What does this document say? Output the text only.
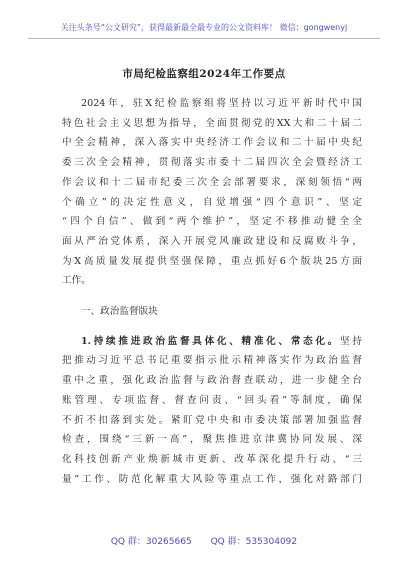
关注头条号“公文研究”，获得最新最全最专业的公文资料库！ 微信：gongwenyj
市局纪检监察组2024年工作要点
2024年，驻X纪检监察组将坚持以习近平新时代中国
特色社会主义思想为指导，全面贯彻党的XX大和二十届二
中全会精神，深入落实中央经济工作会议和二十届中央纪
委三次全会精神，贯彻落实市委十二届四次全会暨经济工
作会议和十二届市纪委三次全会部署要求，深刻领悟“两
个确立”的决定性意义，自觉增强“四个意识”、坚定
“四个自信”、做到“两个维护”，坚定不移推动健全全
面从严治党体系，深入开展党风廉政建设和反腐败斗争，
为X高质量发展提供坚强保障，重点抓好6个版块25方面
工作。
一、政治监督版块
1.持续推进政治监督具体化、精准化、常态化。坚持
把推动习近平总书记重要指示批示精神落实作为政治监督
重中之重，强化政治监督与政治督查联动，进一步健全台
账管理、专项监督、督查问责、“回头看”等制度，确保
不折不扣落到实处。紧盯党中央和市委决策部署加强监督
检查，围绕“三新一高”，聚焦推进京津冀协同发展、深
化科技创新产业焕新城市更新、改革深化提升行动、“三
量”工作、防范化解重大风险等重点工作，强化对路部门
QQ 群：30265665 QQ 群：535304092
